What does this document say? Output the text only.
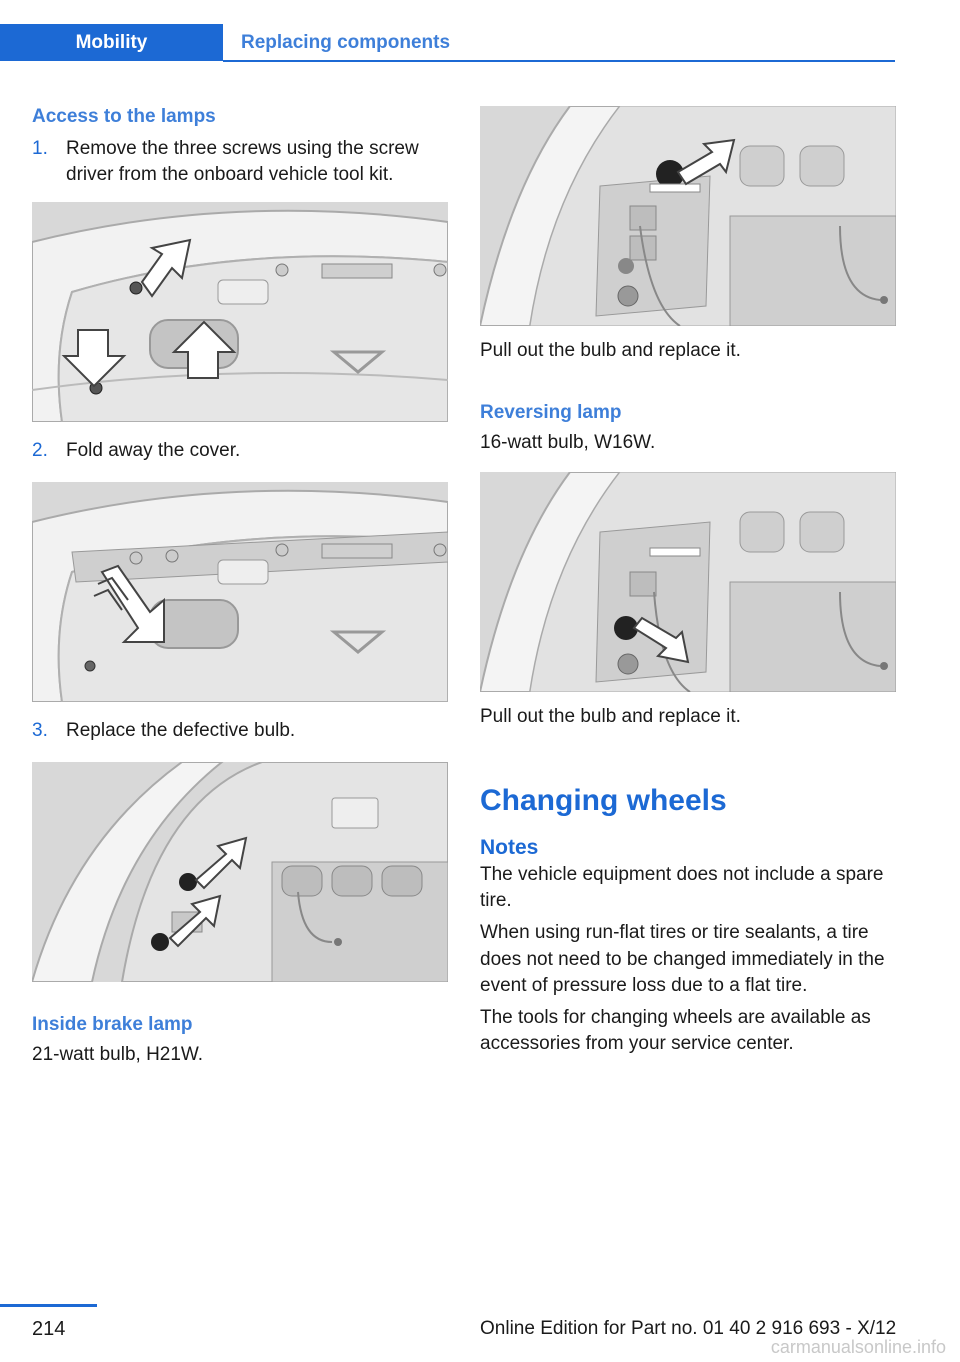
Mobility	Replacing components

Access to the lamps

1. Remove the three screws using the screw driver from the onboard vehicle tool kit.
2. Fold away the cover.
3. Replace the defective bulb.

Inside brake lamp

21-watt bulb, H21W.

Pull out the bulb and replace it.

Reversing lamp

16-watt bulb, W16W.

Pull out the bulb and replace it.

Changing wheels
Notes

The vehicle equipment does not include a spare tire.

When using run-flat tires or tire sealants, a tire does not need to be changed immediately in the event of pressure loss due to a flat tire.

The tools for changing wheels are available as accessories from your service center.

214	Online Edition for Part no. 01 40 2 916 693 - X/12
carmanualsonline.info
